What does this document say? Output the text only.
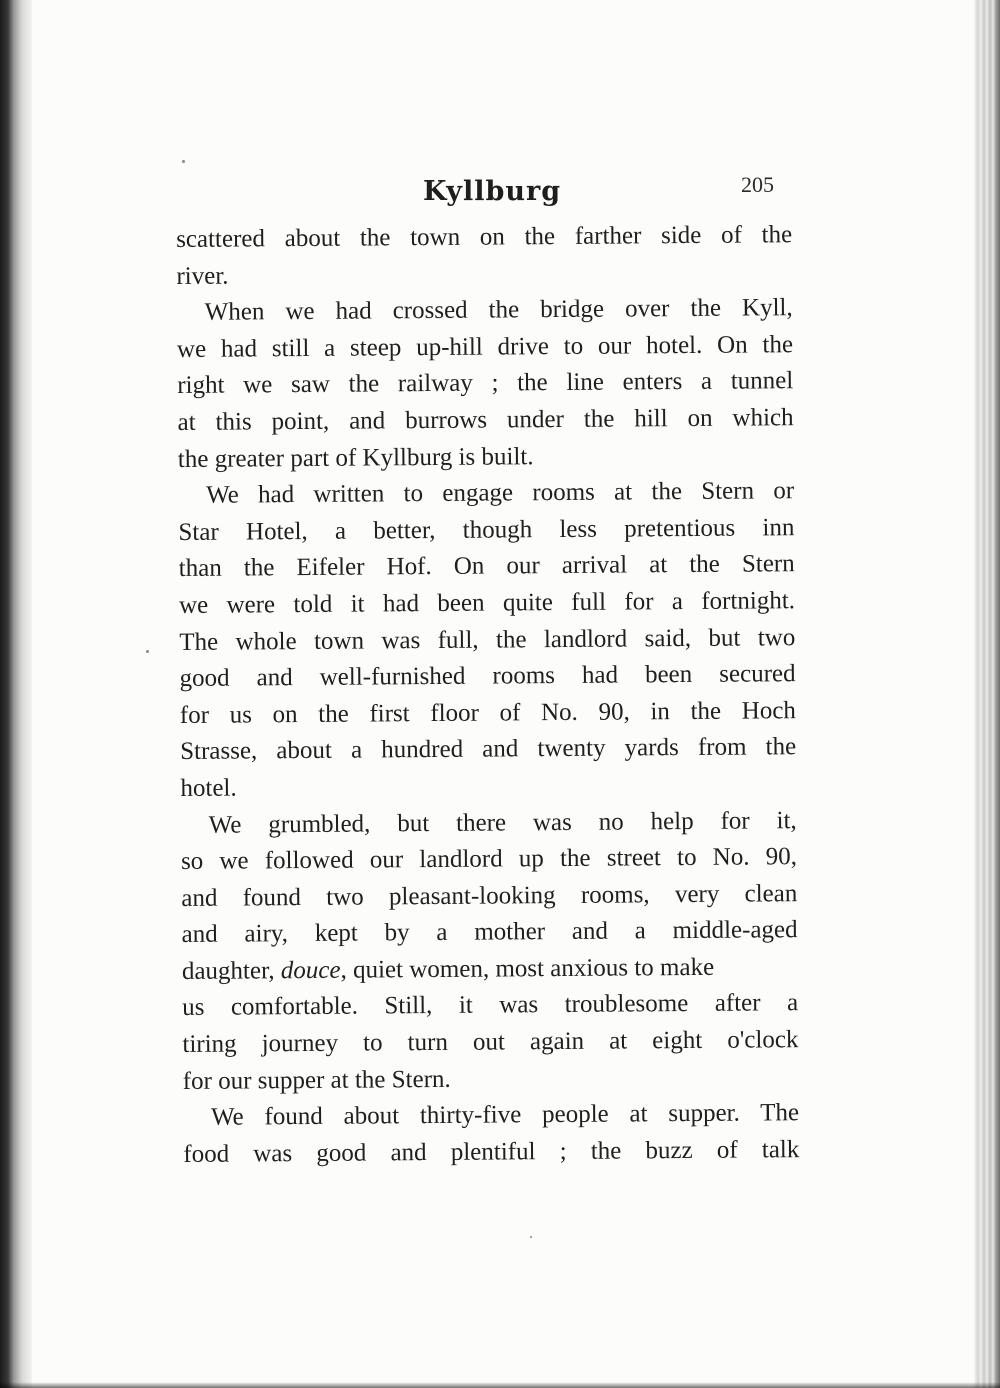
Kyllburg	205
scattered about the town on the farther side of the
river.
When we had crossed the bridge over the Kyll,
we had still a steep up-hill drive to our hotel. On the
right we saw the railway ; the line enters a tunnel
at this point, and burrows under the hill on which
the greater part of Kyllburg is built.
We had written to engage rooms at the Stern or
Star Hotel, a better, though less pretentious inn
than the Eifeler Hof. On our arrival at the Stern
we were told it had been quite full for a fortnight.
The whole town was full, the landlord said, but two
good and well-furnished rooms had been secured
for us on the first floor of No. 90, in the Hoch
Strasse, about a hundred and twenty yards from the
hotel.
We grumbled, but there was no help for it,
so we followed our landlord up the street to No. 90,
and found two pleasant-looking rooms, very clean
and airy, kept by a mother and a middle-aged
daughter, douce, quiet women, most anxious to make
us comfortable. Still, it was troublesome after a
tiring journey to turn out again at eight o'clock
for our supper at the Stern.
We found about thirty-five people at supper. The
food was good and plentiful ; the buzz of talk
